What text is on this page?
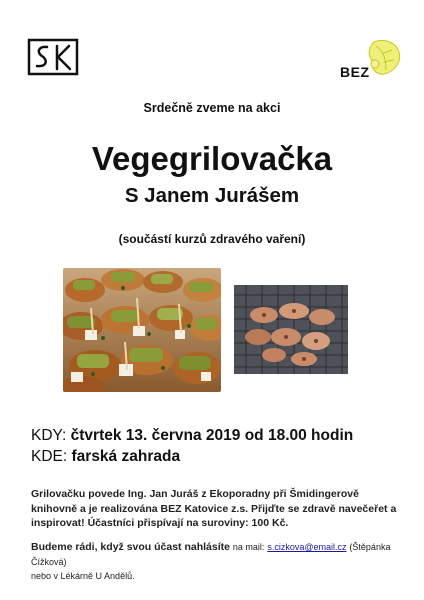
BEZ
Srdečně zveme na akci
Vegegrilovačka
S Janem Jurášem
(součástí kurzů zdravého vaření)
KDY: čtvrtek 13. června 2019 od 18.00 hodin
KDE: farská zahrada
Grilovačku povede Ing. Jan Juráš z Ekoporadny při Šmidingerově knihovně a je realizována BEZ Katovice z.s. Přijďte se zdravě navečeřet a inspirovat! Účastníci přispívají na suroviny: 100 Kč.
Budeme rádi, když svou účast nahlásíte na mail: s.cizkova@email.cz (Štěpánka Čížková)
nebo v Lékárně U Andělů.
